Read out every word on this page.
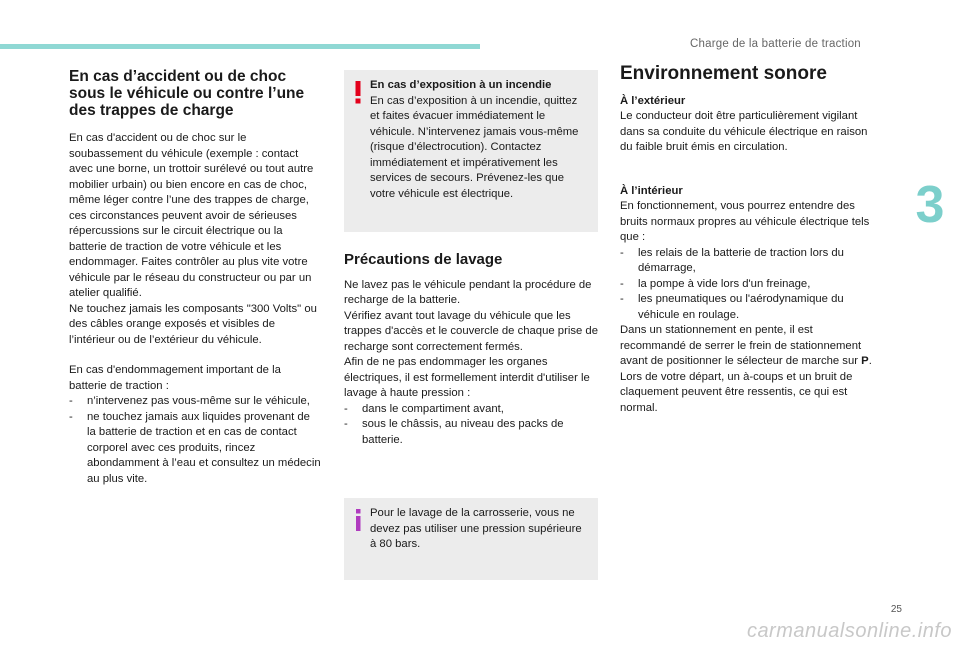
Charge de la batterie de traction
3
En cas d’accident ou de choc sous le véhicule ou contre l’une des trappes de charge

En cas d'accident ou de choc sur le soubassement du véhicule (exemple : contact avec une borne, un trottoir surélevé ou tout autre mobilier urbain) ou bien encore en cas de choc, même léger contre l’une des trappes de charge, ces circonstances peuvent avoir de sérieuses répercussions sur le circuit électrique ou la batterie de traction de votre véhicule et les endommager. Faites contrôler au plus vite votre véhicule par le réseau du constructeur ou par un atelier qualifié.

Ne touchez jamais les composants "300 Volts" ou des câbles orange exposés et visibles de l’intérieur ou de l’extérieur du véhicule.

En cas d'endommagement important de la batterie de traction :

-	n’intervenez pas vous-même sur le véhicule,
-	ne touchez jamais aux liquides provenant de la batterie de traction et en cas de contact corporel avec ces produits, rincez abondamment à l’eau et consultez un médecin au plus vite.

En cas d’exposition à un incendie

En cas d’exposition à un incendie, quittez et faites évacuer immédiatement le véhicule. N’intervenez jamais vous-même (risque d’électrocution). Contactez immédiatement et impérativement les services de secours. Prévenez-les que votre véhicule est électrique.

Précautions de lavage

Ne lavez pas le véhicule pendant la procédure de recharge de la batterie.

Vérifiez avant tout lavage du véhicule que les trappes d'accès et le couvercle de chaque prise de recharge sont correctement fermés.

Afin de ne pas endommager les organes électriques, il est formellement interdit d'utiliser le lavage à haute pression :

-	dans le compartiment avant,
-	sous le châssis, au niveau des packs de batterie.

Pour le lavage de la carrosserie, vous ne devez pas utiliser une pression supérieure à 80 bars.

Environnement sonore
À l’extérieur

Le conducteur doit être particulièrement vigilant dans sa conduite du véhicule électrique en raison du faible bruit émis en circulation.

À l’intérieur

En fonctionnement, vous pourrez entendre des bruits normaux propres au véhicule électrique tels que :

-	les relais de la batterie de traction lors du démarrage,
-	la pompe à vide lors d'un freinage,
-	les pneumatiques ou l'aérodynamique du véhicule en roulage.

Dans un stationnement en pente, il est recommandé de serrer le frein de stationnement avant de positionner le sélecteur de marche sur P. Lors de votre départ, un à-coups et un bruit de claquement peuvent être ressentis, ce qui est normal.

25
carmanualsonline.info
